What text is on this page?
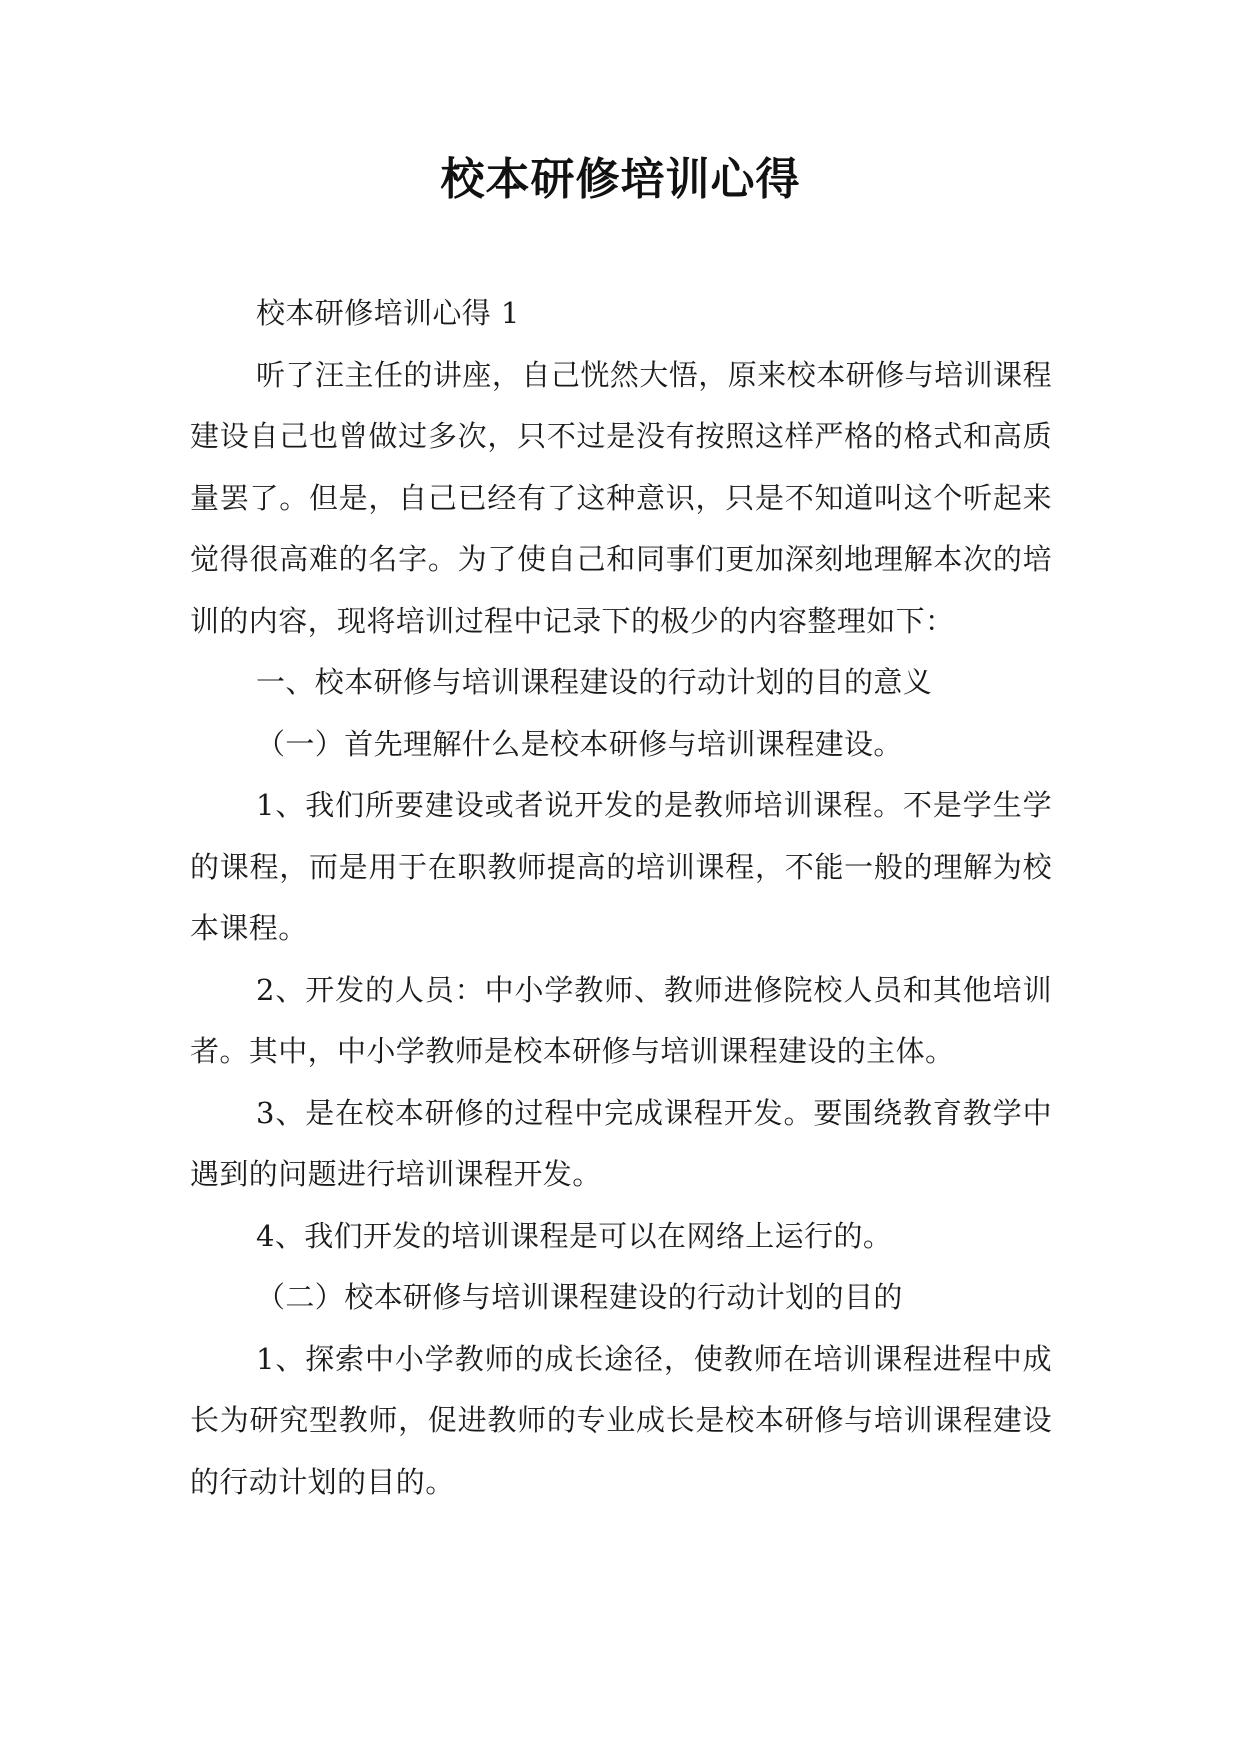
校本研修培训心得

校本研修培训心得 1

听了汪主任的讲座，自己恍然大悟，原来校本研修与培训课程建设自己也曾做过多次，只不过是没有按照这样严格的格式和高质量罢了。但是，自己已经有了这种意识，只是不知道叫这个听起来觉得很高难的名字。为了使自己和同事们更加深刻地理解本次的培训的内容，现将培训过程中记录下的极少的内容整理如下：

一、校本研修与培训课程建设的行动计划的目的意义

（一）首先理解什么是校本研修与培训课程建设。

1、我们所要建设或者说开发的是教师培训课程。不是学生学的课程，而是用于在职教师提高的培训课程，不能一般的理解为校本课程。

2、开发的人员：中小学教师、教师进修院校人员和其他培训者。其中，中小学教师是校本研修与培训课程建设的主体。

3、是在校本研修的过程中完成课程开发。要围绕教育教学中遇到的问题进行培训课程开发。

4、我们开发的培训课程是可以在网络上运行的。

（二）校本研修与培训课程建设的行动计划的目的

1、探索中小学教师的成长途径，使教师在培训课程进程中成长为研究型教师，促进教师的专业成长是校本研修与培训课程建设的行动计划的目的。
